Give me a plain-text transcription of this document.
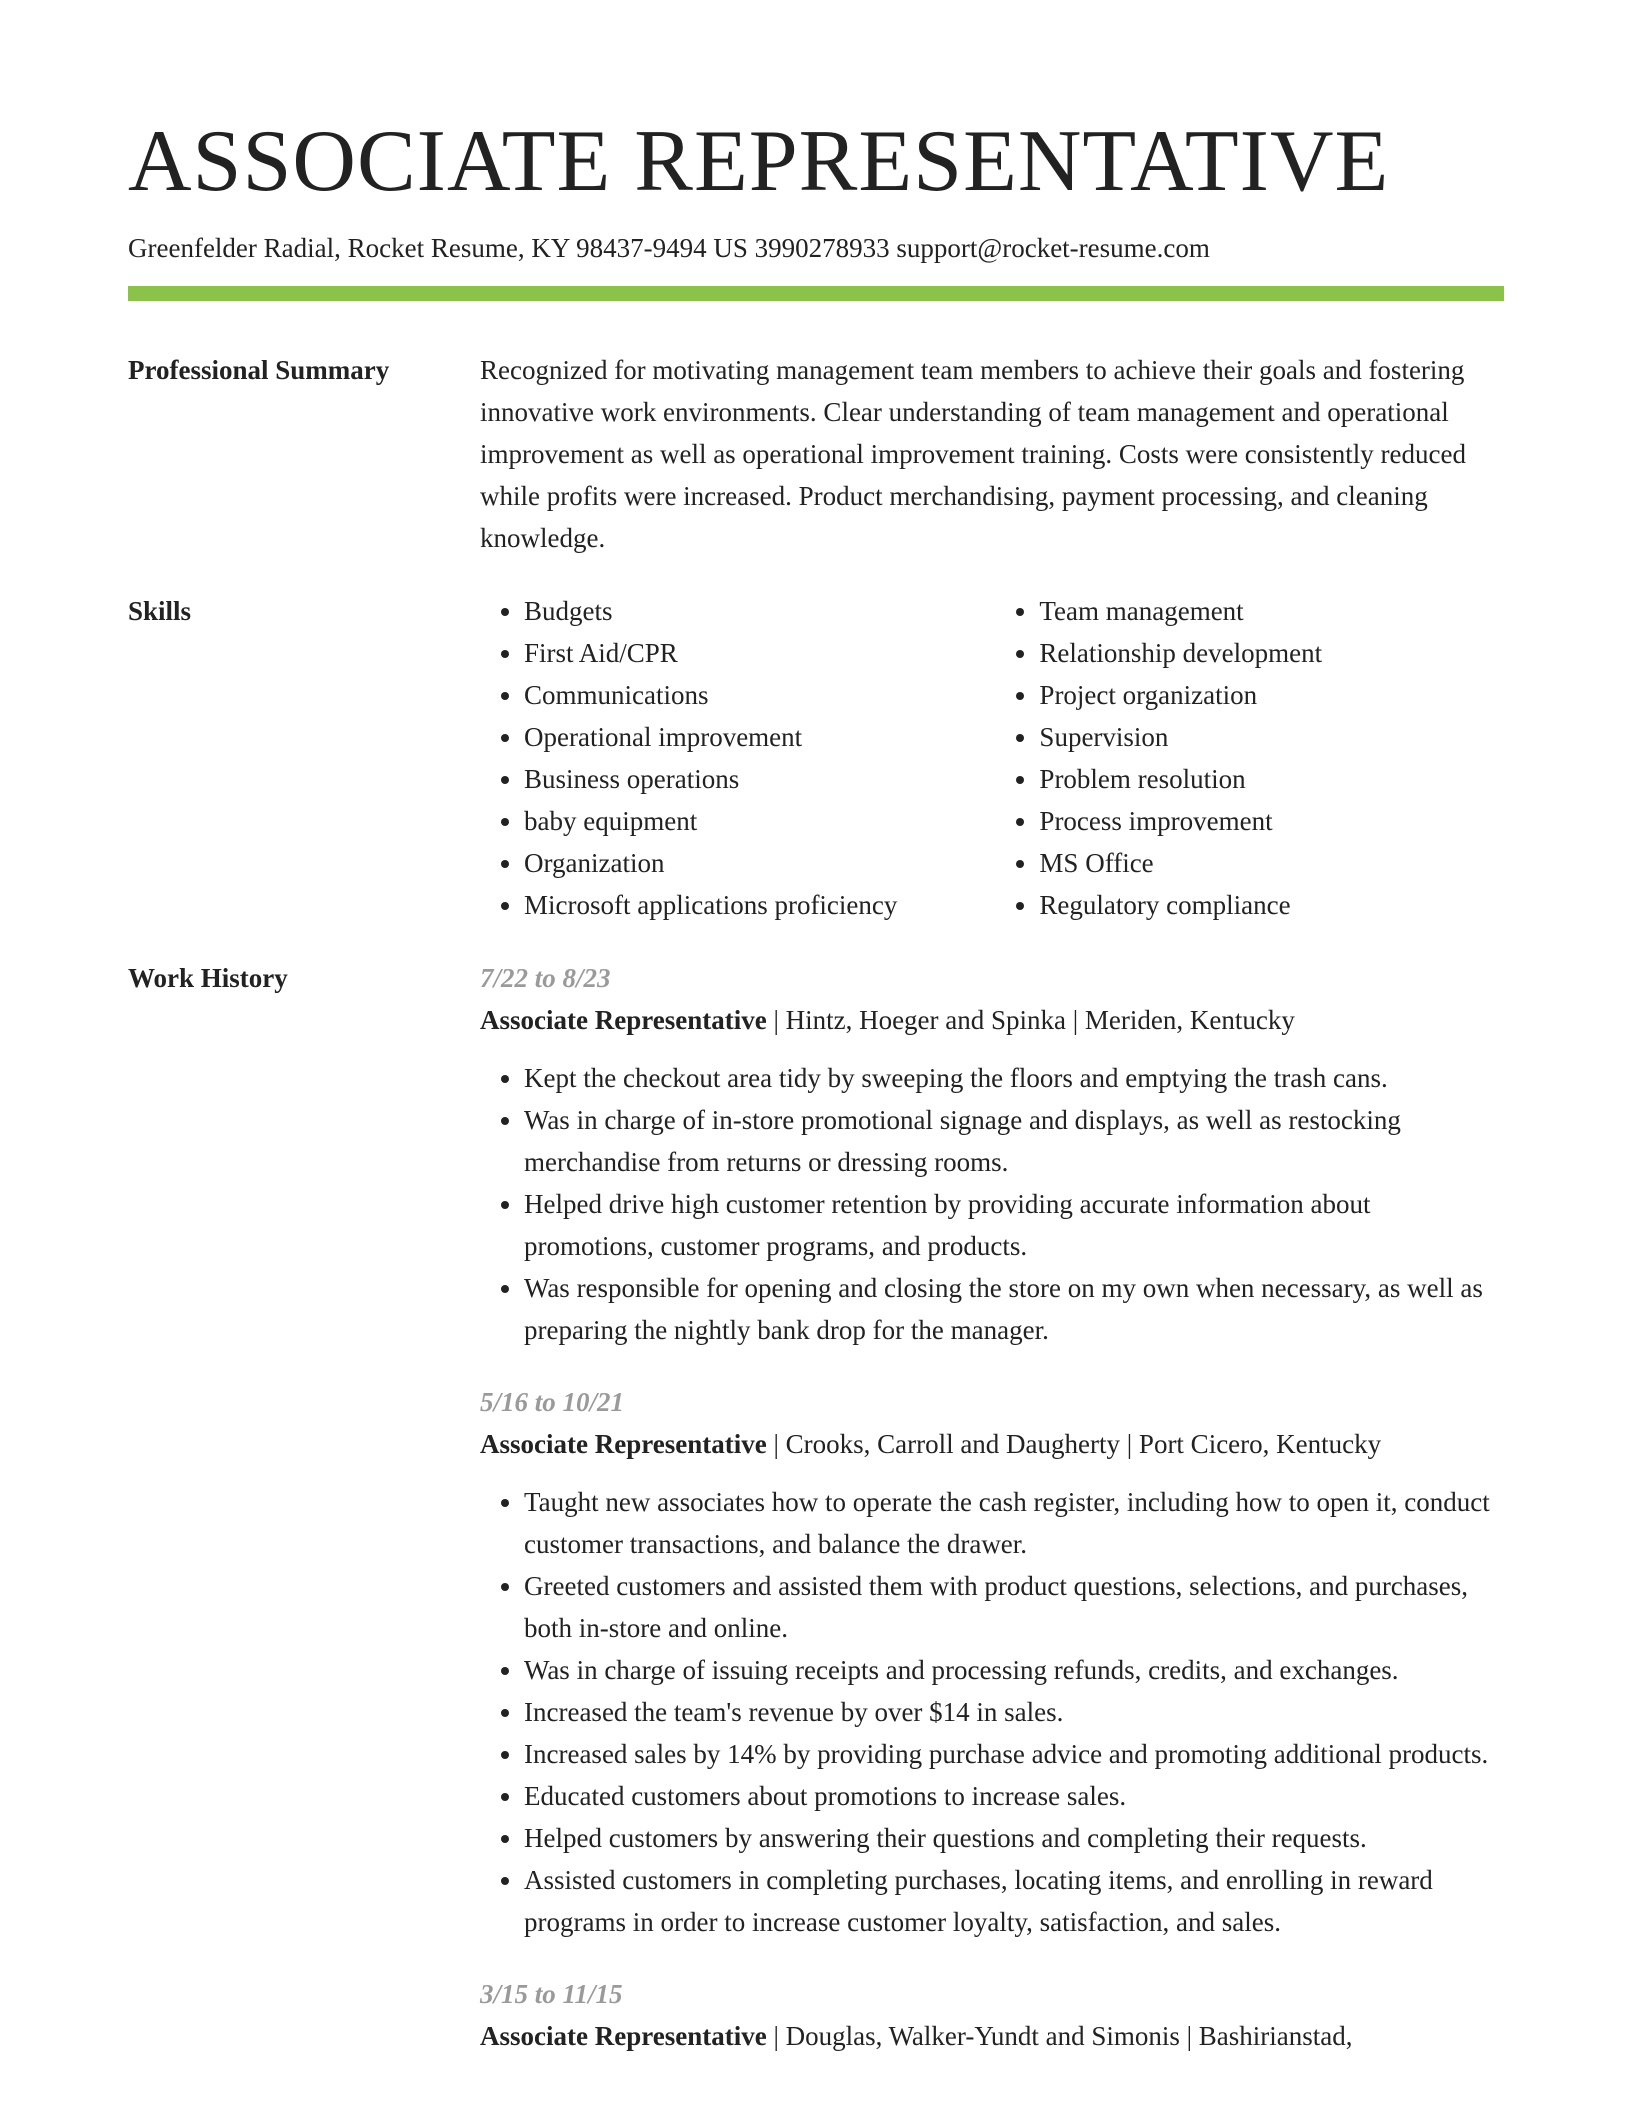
ASSOCIATE REPRESENTATIVE
Greenfelder Radial, Rocket Resume, KY 98437-9494 US 3990278933 support@rocket-resume.com
Professional Summary	Recognized for motivating management team members to achieve their goals and fostering innovative work environments. Clear understanding of team management and operational improvement as well as operational improvement training. Costs were consistently reduced while profits were increased. Product merchandising, payment processing, and cleaning knowledge.

Skills
•	Budgets
• First Aid/CPR
• Communications
• Operational improvement
• Business operations
• baby equipment
• Organization
• Microsoft applications proficiency
• Team management
• Relationship development
• Project organization
• Supervision
• Problem resolution
• Process improvement
• MS Office
• Regulatory compliance
Work History	7/22 to 8/23
Associate Representative | Hintz, Hoeger and Spinka | Meriden, Kentucky
• Kept the checkout area tidy by sweeping the floors and emptying the trash cans.
• Was in charge of in-store promotional signage and displays, as well as restocking merchandise from returns or dressing rooms.
• Helped drive high customer retention by providing accurate information about promotions, customer programs, and products.
• Was responsible for opening and closing the store on my own when necessary, as well as preparing the nightly bank drop for the manager.
5/16 to 10/21
Associate Representative | Crooks, Carroll and Daugherty | Port Cicero, Kentucky
• Taught new associates how to operate the cash register, including how to open it, conduct customer transactions, and balance the drawer.
• Greeted customers and assisted them with product questions, selections, and purchases, both in-store and online.
• Was in charge of issuing receipts and processing refunds, credits, and exchanges.
• Increased the team's revenue by over $14 in sales.
• Increased sales by 14% by providing purchase advice and promoting additional products.
• Educated customers about promotions to increase sales.
• Helped customers by answering their questions and completing their requests.
• Assisted customers in completing purchases, locating items, and enrolling in reward programs in order to increase customer loyalty, satisfaction, and sales.
3/15 to 11/15
Associate Representative | Douglas, Walker-Yundt and Simonis | Bashirianstad,
